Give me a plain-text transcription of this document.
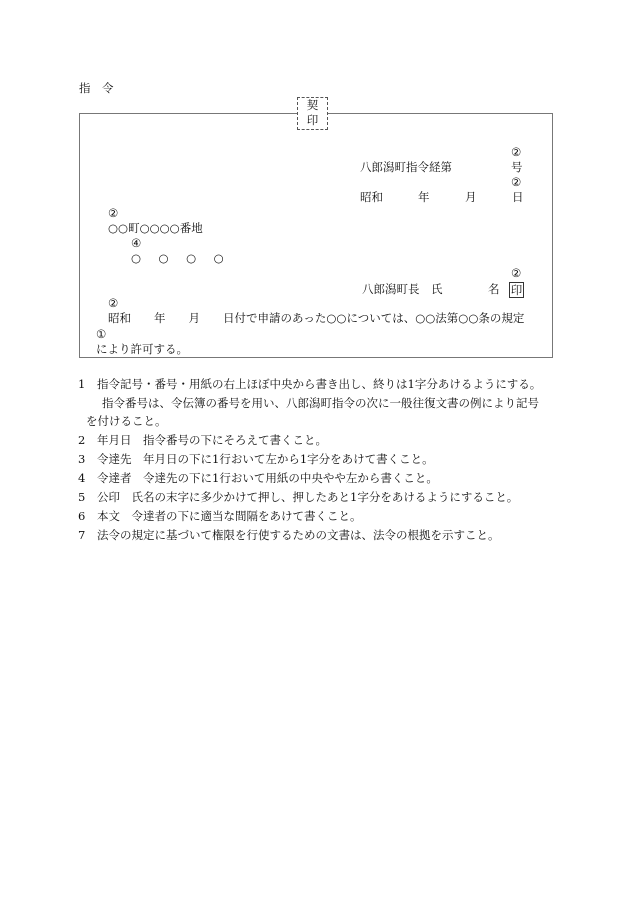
指　令
契
印
②
八郎潟町指令経第	号
②
昭和	年	月	日
②
○○町○○○○番地
④
○　○　○　○
②
八郎潟町長　氏	名 印
②
昭和　　年　　月　　日付で申請のあった○○については、○○法第○○条の規定
①
により許可する。
1 指令記号・番号・用紙の右上ほぼ中央から書き出し、終りは1字分あけるようにする。
指令番号は、令伝簿の番号を用い、八郎潟町指令の次に一般往復文書の例により記号
を付けること。
2 年月日　指令番号の下にそろえて書くこと。
3 令達先　年月日の下に1行おいて左から1字分をあけて書くこと。
4 令達者　令達先の下に1行おいて用紙の中央やや左から書くこと。
5 公印　氏名の末字に多少かけて押し、押したあと1字分をあけるようにすること。
6 本文　令達者の下に適当な間隔をあけて書くこと。
7 法令の規定に基づいて権限を行使するための文書は、法令の根拠を示すこと。
